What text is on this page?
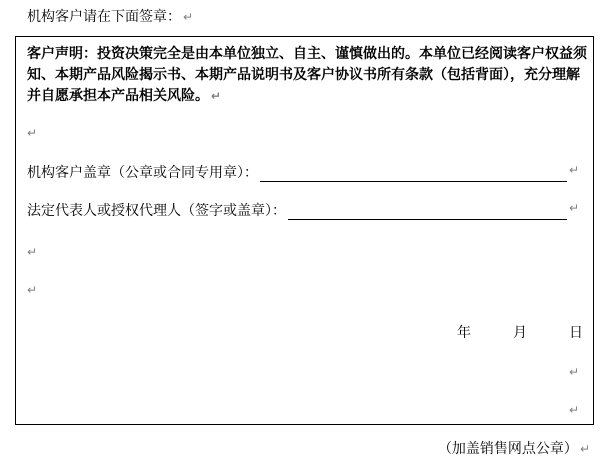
机构客户请在下面签章： ↵
客户声明：投资决策完全是由本单位独立、自主、谨慎做出的。本单位已经阅读客户权益须
知、本期产品风险揭示书、本期产品说明书及客户协议书所有条款（包括背面），充分理解
并自愿承担本产品相关风险。 ↵
↵
机构客户盖章（公章或合同专用章）：	↵
法定代表人或授权代理人（签字或盖章）：	↵
↵
↵
年	月	日
↵
↵
（加盖销售网点公章） ↵
